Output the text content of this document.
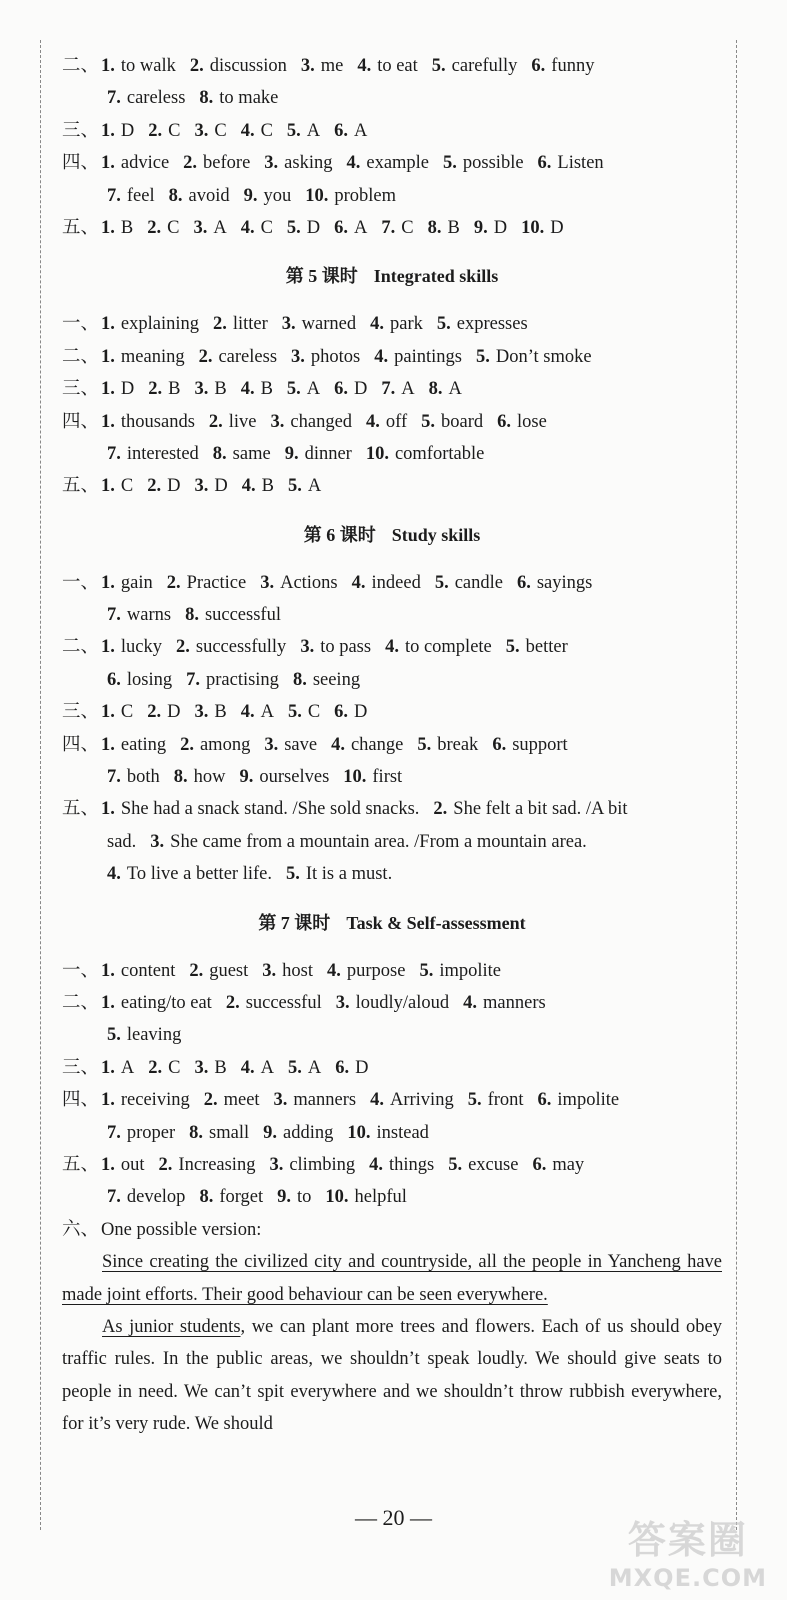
二、 1. to walk 2. discussion 3. me 4. to eat 5. carefully 6. funny
7. careless 8. to make
三、 1. D 2. C 3. C 4. C 5. A 6. A
四、 1. advice 2. before 3. asking 4. example 5. possible 6. Listen
7. feel 8. avoid 9. you 10. problem
五、 1. B 2. C 3. A 4. C 5. D 6. A 7. C 8. B 9. D 10. D
第 5 课时 Integrated skills
一、 1. explaining 2. litter 3. warned 4. park 5. expresses
二、 1. meaning 2. careless 3. photos 4. paintings 5. Don’t smoke
三、 1. D 2. B 3. B 4. B 5. A 6. D 7. A 8. A
四、 1. thousands 2. live 3. changed 4. off 5. board 6. lose
7. interested 8. same 9. dinner 10. comfortable
五、 1. C 2. D 3. D 4. B 5. A
第 6 课时 Study skills
一、 1. gain 2. Practice 3. Actions 4. indeed 5. candle 6. sayings
7. warns 8. successful
二、 1. lucky 2. successfully 3. to pass 4. to complete 5. better
6. losing 7. practising 8. seeing
三、 1. C 2. D 3. B 4. A 5. C 6. D
四、 1. eating 2. among 3. save 4. change 5. break 6. support
7. both 8. how 9. ourselves 10. first
五、 1. She had a snack stand. /She sold snacks. 2. She felt a bit sad. /A bit
sad. 3. She came from a mountain area. /From a mountain area.
4. To live a better life. 5. It is a must.
第 7 课时 Task & Self-assessment
一、 1. content 2. guest 3. host 4. purpose 5. impolite
二、 1. eating/to eat 2. successful 3. loudly/aloud 4. manners
5. leaving
三、 1. A 2. C 3. B 4. A 5. A 6. D
四、 1. receiving 2. meet 3. manners 4. Arriving 5. front 6. impolite
7. proper 8. small 9. adding 10. instead
五、 1. out 2. Increasing 3. climbing 4. things 5. excuse 6. may
7. develop 8. forget 9. to 10. helpful
六、 One possible version:
Since creating the civilized city and countryside, all the people in Yancheng have made joint efforts. Their good behaviour can be seen everywhere.
As junior students, we can plant more trees and flowers. Each of us should obey traffic rules. In the public areas, we shouldn’t speak loudly. We should give seats to people in need. We can’t spit everywhere and we shouldn’t throw rubbish everywhere, for it’s very rude. We should
— 20 —
答案圈
MXQE.COM
